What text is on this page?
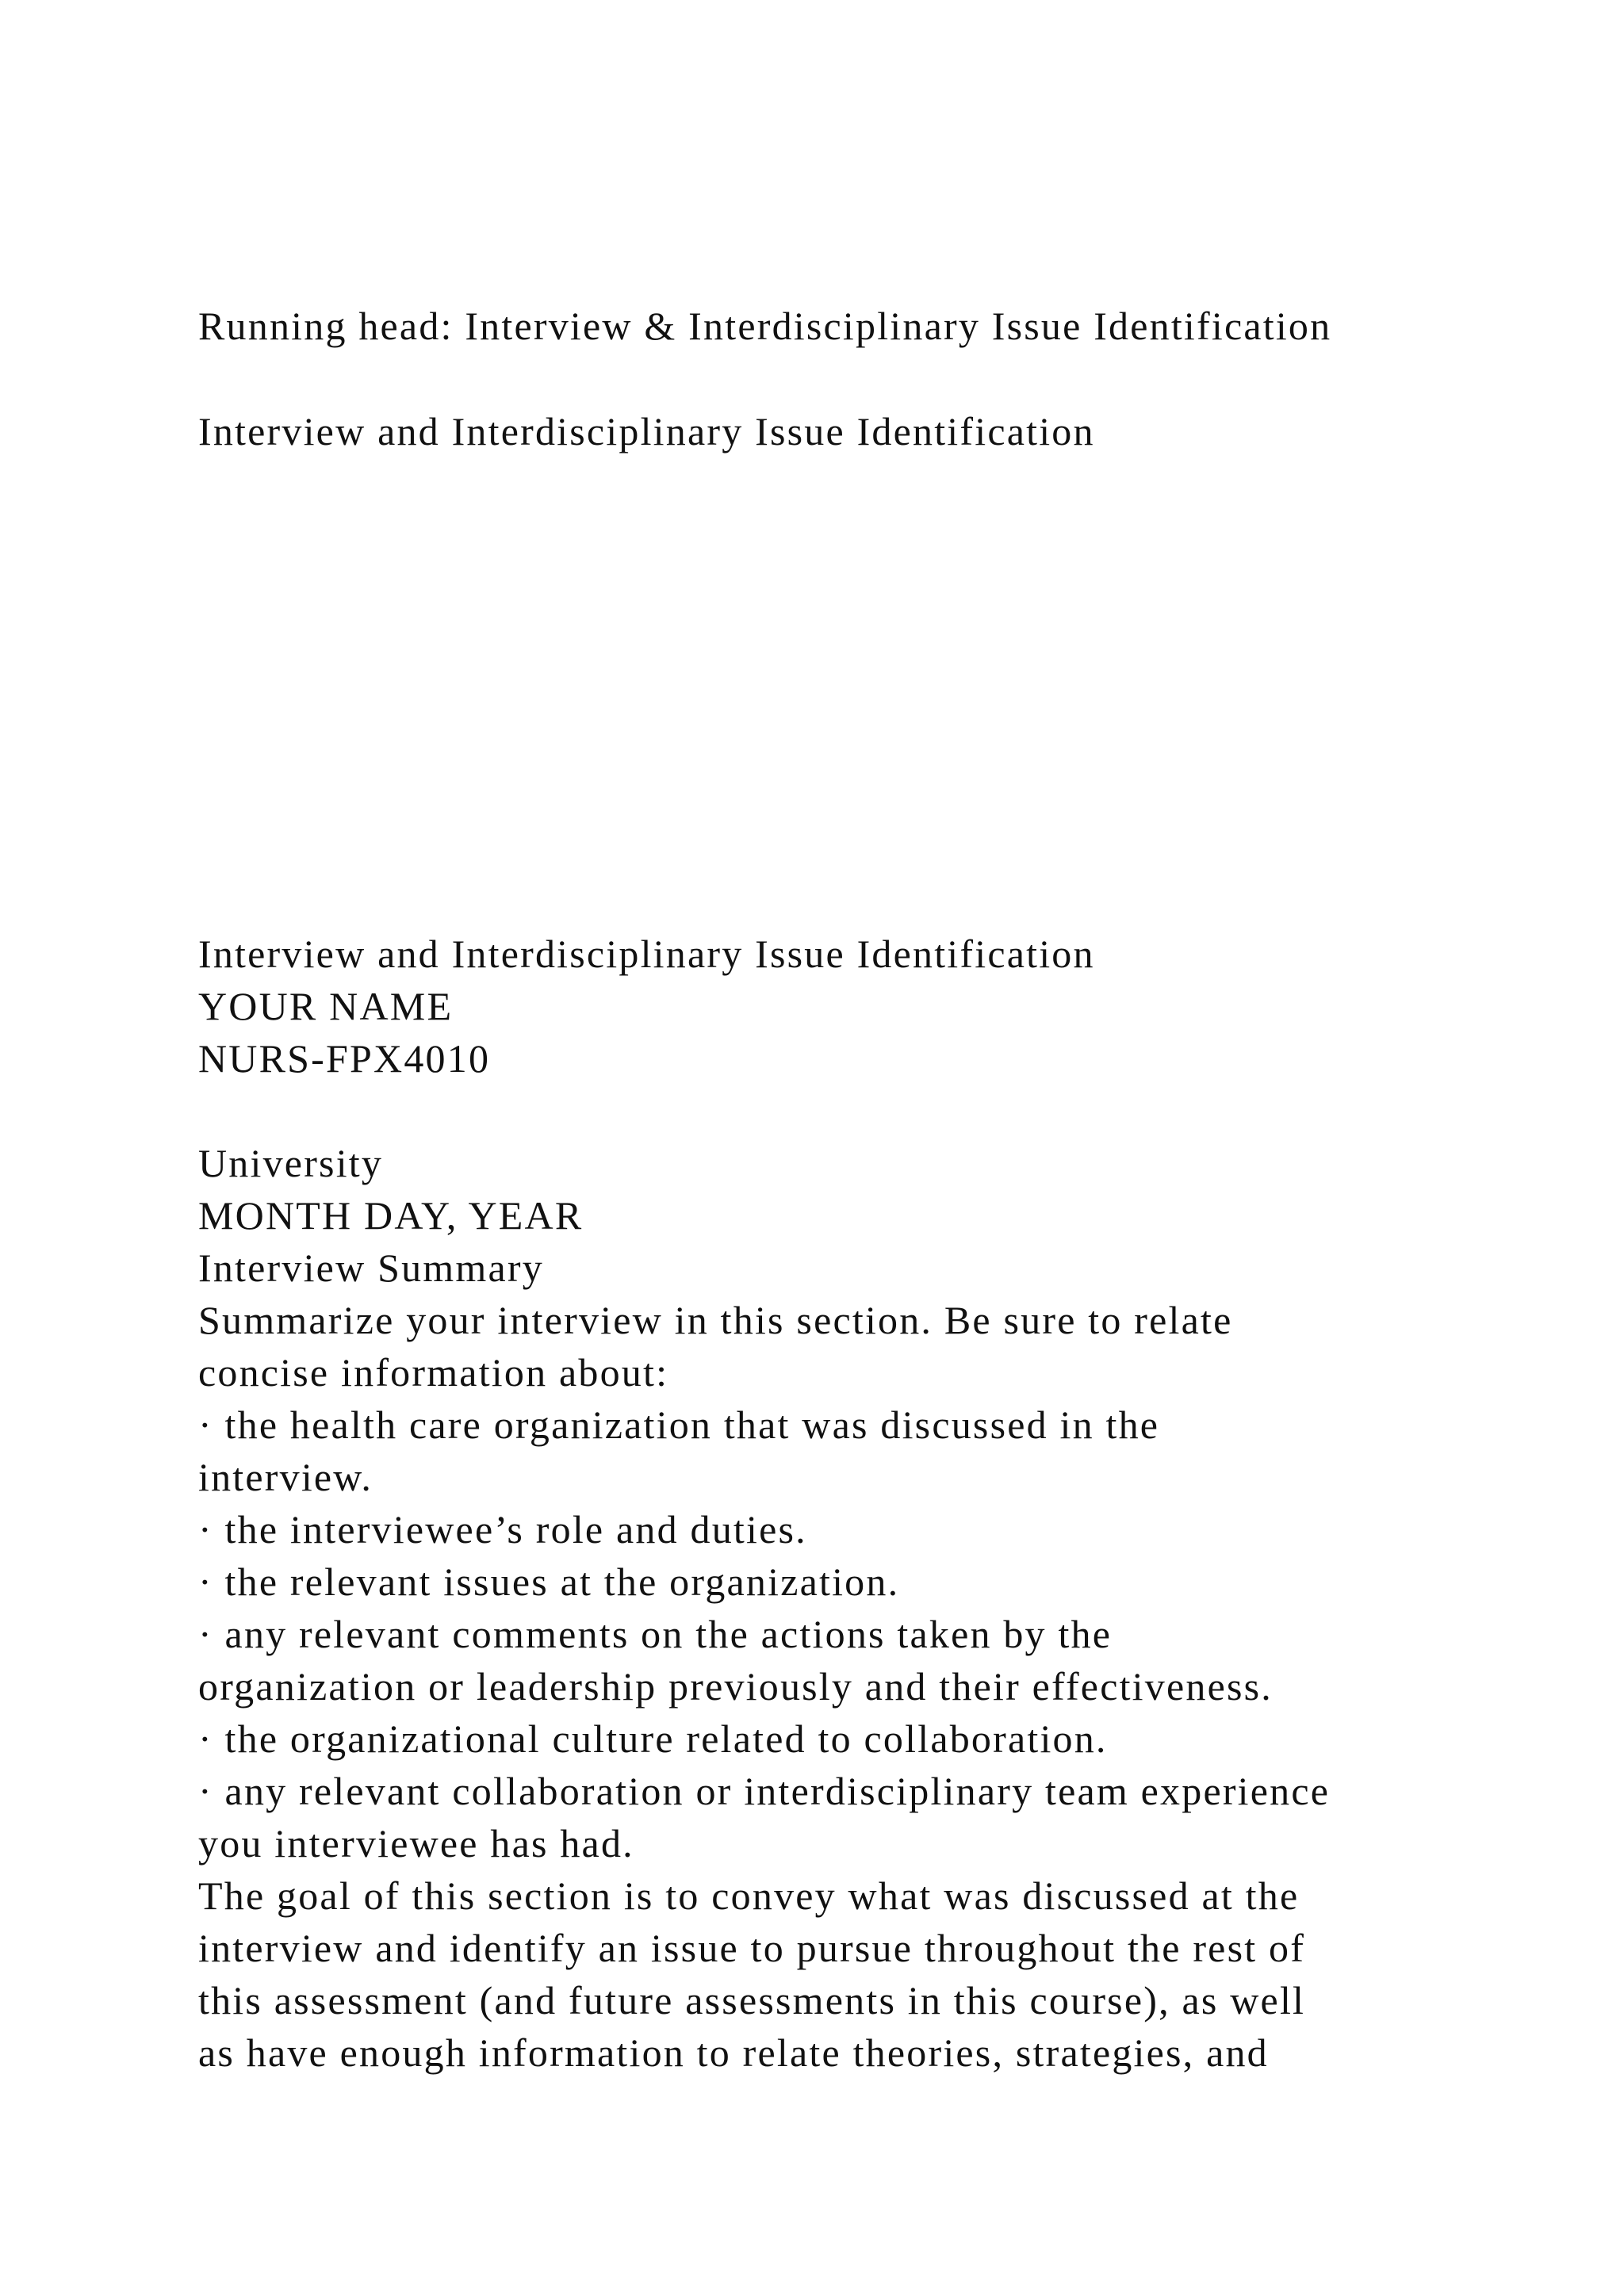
Running head: Interview & Interdisciplinary Issue Identification

Interview and Interdisciplinary Issue Identification

Interview and Interdisciplinary Issue Identification

YOUR NAME

NURS-FPX4010

University

MONTH DAY, YEAR

Interview Summary

Summarize your interview in this section. Be sure to relate

concise information about:

· the health care organization that was discussed in the

interview.

· the interviewee’s role and duties.

· the relevant issues at the organization.

· any relevant comments on the actions taken by the

organization or leadership previously and their effectiveness.

· the organizational culture related to collaboration.

· any relevant collaboration or interdisciplinary team experience

you interviewee has had.

The goal of this section is to convey what was discussed at the

interview and identify an issue to pursue throughout the rest of

this assessment (and future assessments in this course), as well

as have enough information to relate theories, strategies, and
